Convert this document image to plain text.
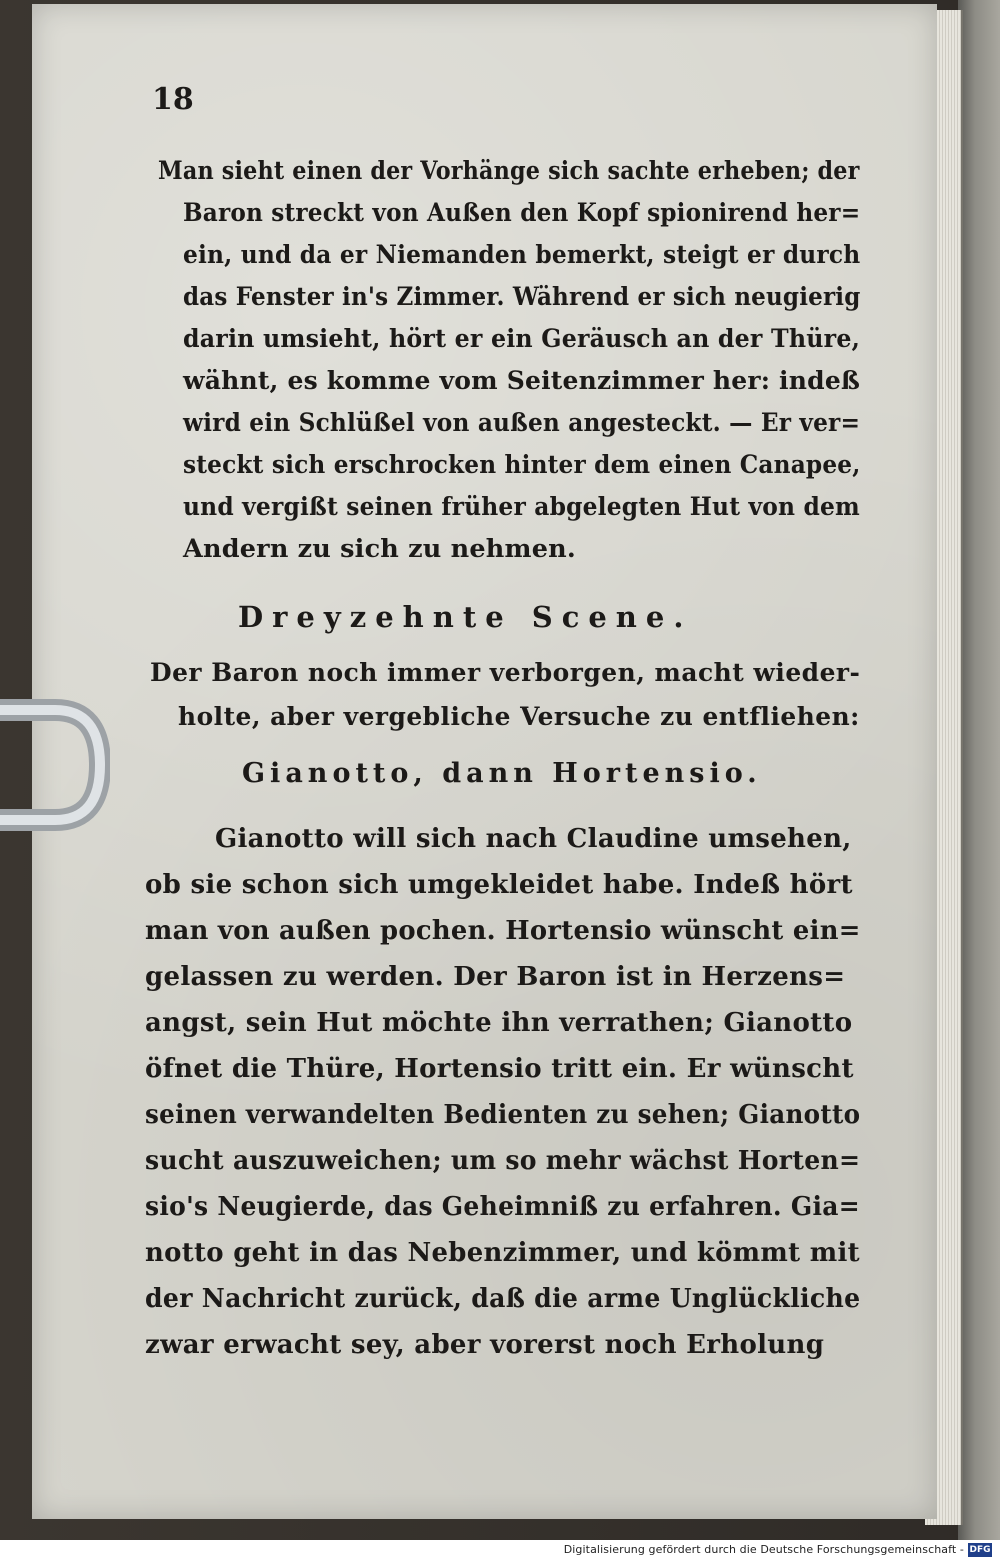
18
Man sieht einen der Vorhänge sich sachte erheben; der
Baron streckt von Außen den Kopf spionirend her=
ein, und da er Niemanden bemerkt, steigt er durch
das Fenster in's Zimmer. Während er sich neugierig
darin umsieht, hört er ein Geräusch an der Thüre,
wähnt, es komme vom Seitenzimmer her: indeß
wird ein Schlüßel von außen angesteckt. — Er ver=
steckt sich erschrocken hinter dem einen Canapee,
und vergißt seinen früher abgelegten Hut von dem
Andern zu sich zu nehmen.
Dreyzehnte Scene.
Der Baron noch immer verborgen, macht wieder-
holte, aber vergebliche Versuche zu entfliehen:
Gianotto, dann Hortensio.
Gianotto will sich nach Claudine umsehen,
ob sie schon sich umgekleidet habe. Indeß hört
man von außen pochen. Hortensio wünscht ein=
gelassen zu werden. Der Baron ist in Herzens=
angst, sein Hut möchte ihn verrathen; Gianotto
öfnet die Thüre, Hortensio tritt ein. Er wünscht
seinen verwandelten Bedienten zu sehen; Gianotto
sucht auszuweichen; um so mehr wächst Horten=
sio's Neugierde, das Geheimniß zu erfahren. Gia=
notto geht in das Nebenzimmer, und kömmt mit
der Nachricht zurück, daß die arme Unglückliche
zwar erwacht sey, aber vorerst noch Erholung
Digitalisierung gefördert durch die Deutsche Forschungsgemeinschaft - DFG
